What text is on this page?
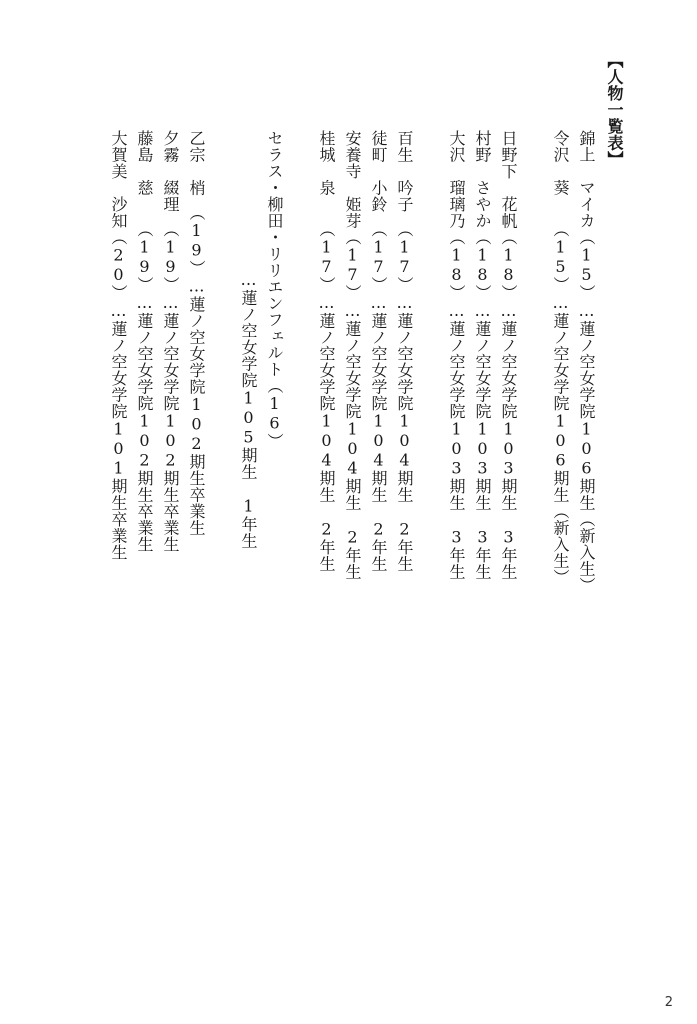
【人物一覧表】

錦上　マイカ（15）…蓮ノ空女学院106期生（新入生）

令沢　葵　　（15）…蓮ノ空女学院106期生（新入生）

日野下　花帆（18）…蓮ノ空女学院103期生　3年生

村野　さやか（18）…蓮ノ空女学院103期生　3年生

大沢　瑠璃乃（18）…蓮ノ空女学院103期生　3年生

百生　吟子　（17）…蓮ノ空女学院104期生　2年生

徒町　小鈴　（17）…蓮ノ空女学院104期生　2年生

安養寺　姫芽（17）…蓮ノ空女学院104期生　2年生

桂城　泉　　（17）…蓮ノ空女学院104期生　2年生

セラス・柳田・リリエンフェルト（16）

…蓮ノ空女学院105期生　1年生

乙宗　梢　（19）…蓮ノ空女学院102期生卒業生

夕霧　綴理　（19）…蓮ノ空女学院102期生卒業生

藤島　慈　　（19）…蓮ノ空女学院102期生卒業生

大賀美　沙知（20）…蓮ノ空女学院101期生卒業生

2
